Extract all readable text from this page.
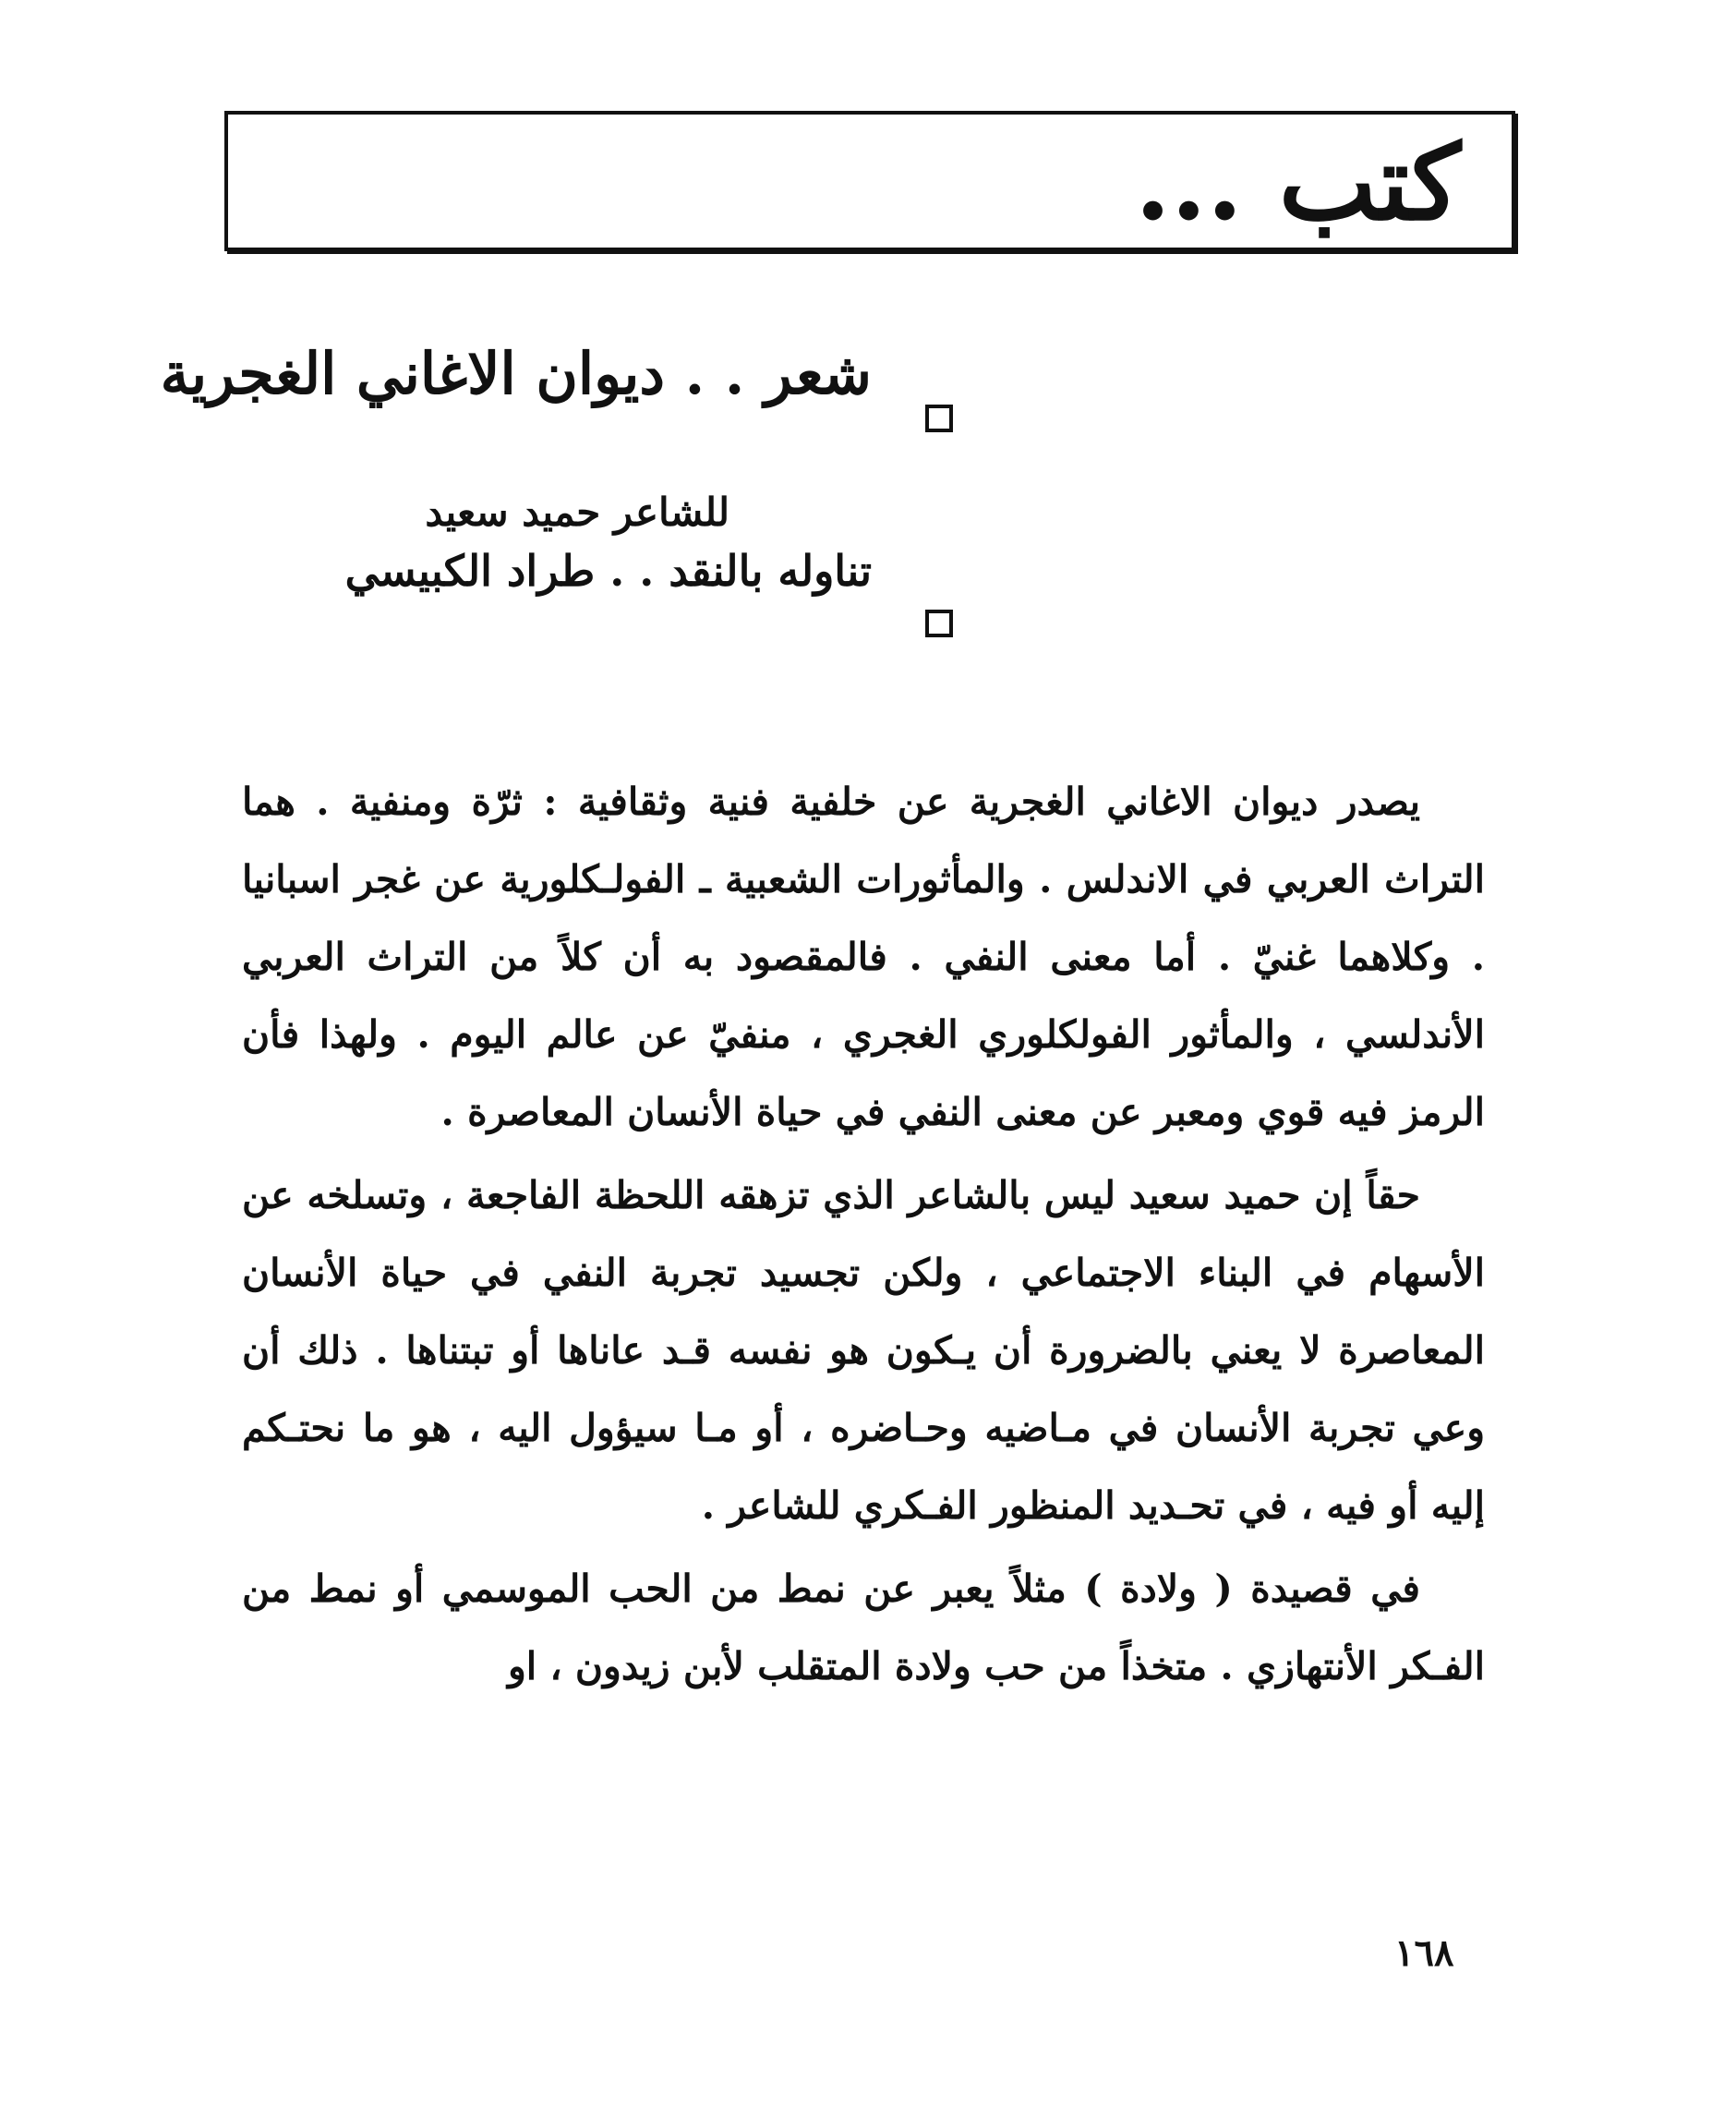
كتب ...
شعر . . ديوان الاغاني الغجرية
للشاعر حميد سعيد
تناوله بالنقد . . طراد الكبيسي

يصدر ديوان الاغاني الغجرية عن خلفية فنية وثقافية : ثرّة ومنفية . هما التراث العربي في الاندلس . والمأثورات الشعبية ـ الفولـكلورية عن غجر اسبانيا . وكلاهما غنيّ . أما معنى النفي . فالمقصود به أن كلاً من التراث العربي الأندلسي ، والمأثور الفولكلوري الغجري ، منفيّ عن عالم اليوم . ولهذا فأن الرمز فيه قوي ومعبر عن معنى النفي في حياة الأنسان المعاصرة .

حقاً إن حميد سعيد ليس بالشاعر الذي تزهقه اللحظة الفاجعة ، وتسلخه عن الأسهام في البناء الاجتماعي ، ولكن تجسيد تجربة النفي في حياة الأنسان المعاصرة لا يعني بالضرورة أن يـكون هو نفسه قـد عاناها أو تبتناها . ذلك أن وعي تجربة الأنسان في مـاضيه وحـاضره ، أو مـا سيؤول اليه ، هو ما نحتـكم إليه أو فيه ، في تحـديد المنظور الفـكري للشاعر .

في قصيدة ( ولادة ) مثلاً يعبر عن نمط من الحب الموسمي أو نمط من الفـكر الأنتهازي . متخذاً من حب ولادة المتقلب لأبن زيدون ، او

١٦٨
